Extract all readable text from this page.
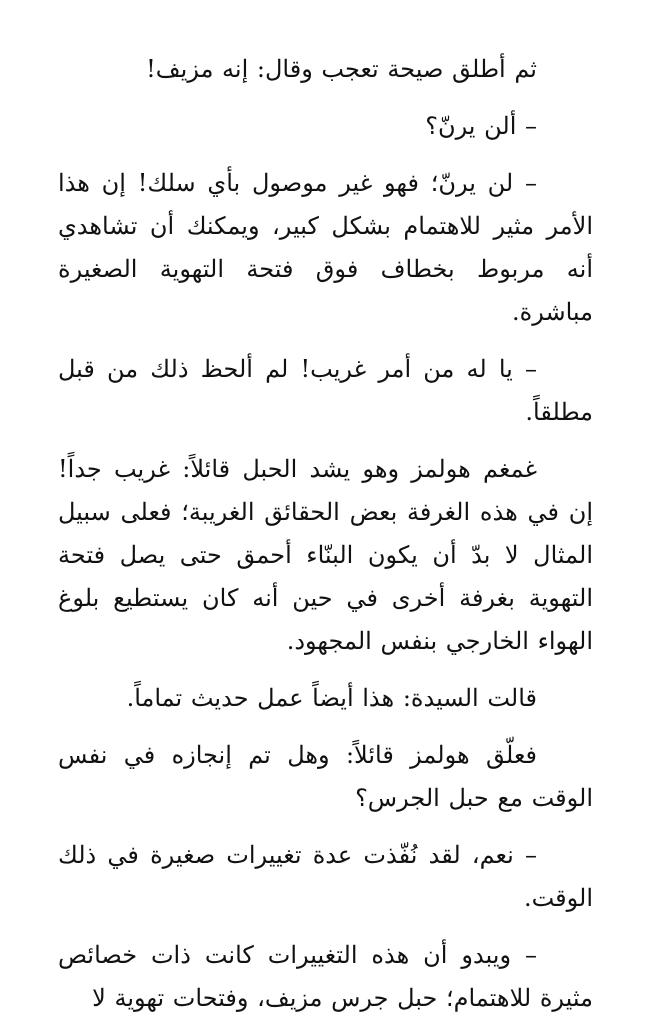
ثم أطلق صيحة تعجب وقال: إنه مزيف!

– ألن يرنّ؟

– لن يرنّ؛ فهو غير موصول بأي سلك! إن هذا الأمر مثير للاهتمام بشكل كبير، ويمكنك أن تشاهدي أنه مربوط بخطاف فوق فتحة التهوية الصغيرة مباشرة.

– يا له من أمر غريب! لم ألحظ ذلك من قبل مطلقاً.

غمغم هولمز وهو يشد الحبل قائلاً: غريب جداً! إن في هذه الغرفة بعض الحقائق الغريبة؛ فعلى سبيل المثال لا بدّ أن يكون البنّاء أحمق حتى يصل فتحة التهوية بغرفة أخرى في حين أنه كان يستطيع بلوغ الهواء الخارجي بنفس المجهود.

قالت السيدة: هذا أيضاً عمل حديث تماماً.

فعلّق هولمز قائلاً: وهل تم إنجازه في نفس الوقت مع حبل الجرس؟

– نعم، لقد نُفّذت عدة تغييرات صغيرة في ذلك الوقت.

– ويبدو أن هذه التغييرات كانت ذات خصائص مثيرة للاهتمام؛ حبل جرس مزيف، وفتحات تهوية لا
